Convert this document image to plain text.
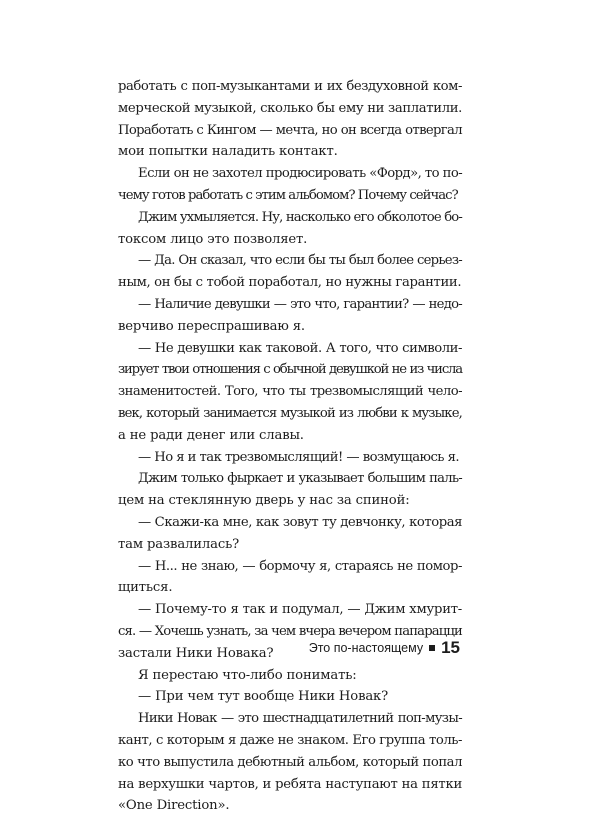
работать с поп-музыкантами и их бездуховной ком-
мерческой музыкой, сколько бы ему ни заплатили.
Поработать с Кингом — мечта, но он всегда отвергал
мои попытки наладить контакт.
Если он не захотел продюсировать «Форд», то по-
чему готов работать с этим альбомом? Почему сейчас?
Джим ухмыляется. Ну, насколько его обколотое бо-
токсом лицо это позволяет.
— Да. Он сказал, что если бы ты был более серьез-
ным, он бы с тобой поработал, но нужны гарантии.
— Наличие девушки — это что, гарантии? — недо-
верчиво переспрашиваю я.
— Не девушки как таковой. А того, что символи-
зирует твои отношения с обычной девушкой не из числа
знаменитостей. Того, что ты трезвомыслящий чело-
век, который занимается музыкой из любви к музыке,
а не ради денег или славы.
— Но я и так трезвомыслящий! — возмущаюсь я.
Джим только фыркает и указывает большим паль-
цем на стеклянную дверь у нас за спиной:
— Скажи-ка мне, как зовут ту девчонку, которая
там развалилась?
— Н... не знаю, — бормочу я, стараясь не помор-
щиться.
— Почему-то я так и подумал, — Джим хмурит-
ся. — Хочешь узнать, за чем вчера вечером папарацци
застали Ники Новака?
Я перестаю что-либо понимать:
— При чем тут вообще Ники Новак?
Ники Новак — это шестнадцатилетний поп-музы-
кант, с которым я даже не знаком. Его группа толь-
ко что выпустила дебютный альбом, который попал
на верхушки чартов, и ребята наступают на пятки
«One Direction».
Это по-настоящему 15
